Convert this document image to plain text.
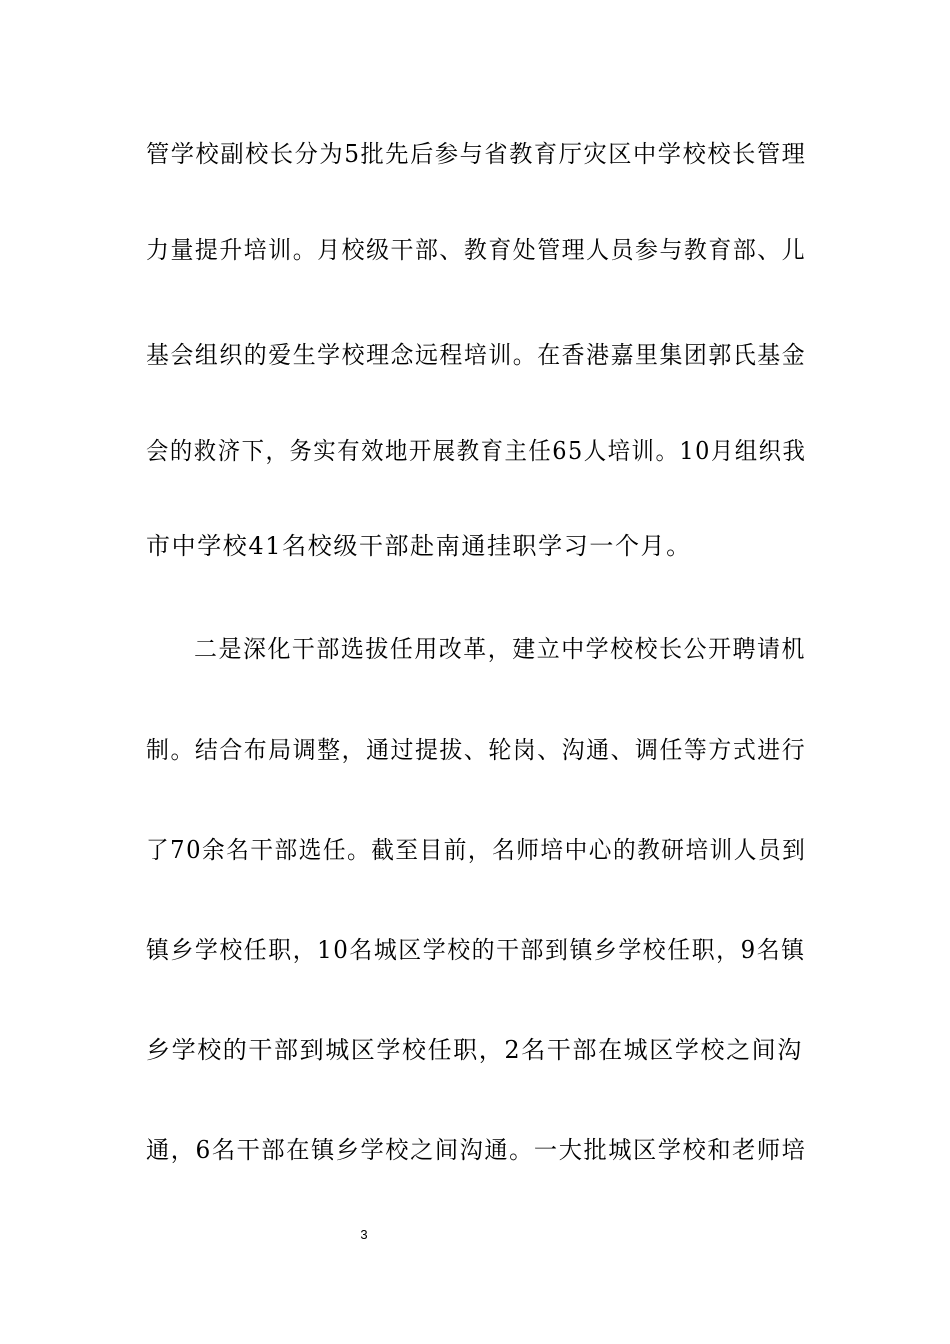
管学校副校长分为5批先后参与省教育厅灾区中学校校长管理
力量提升培训。月校级干部、教育处管理人员参与教育部、儿
基会组织的爱生学校理念远程培训。在香港嘉里集团郭氏基金
会的救济下，务实有效地开展教育主任65人培训。10月组织我
市中学校41名校级干部赴南通挂职学习一个月。
二是深化干部选拔任用改革，建立中学校校长公开聘请机
制。结合布局调整，通过提拔、轮岗、沟通、调任等方式进行
了70余名干部选任。截至目前，名师培中心的教研培训人员到
镇乡学校任职，10名城区学校的干部到镇乡学校任职，9名镇
乡学校的干部到城区学校任职，2名干部在城区学校之间沟
通，6名干部在镇乡学校之间沟通。一大批城区学校和老师培
3
